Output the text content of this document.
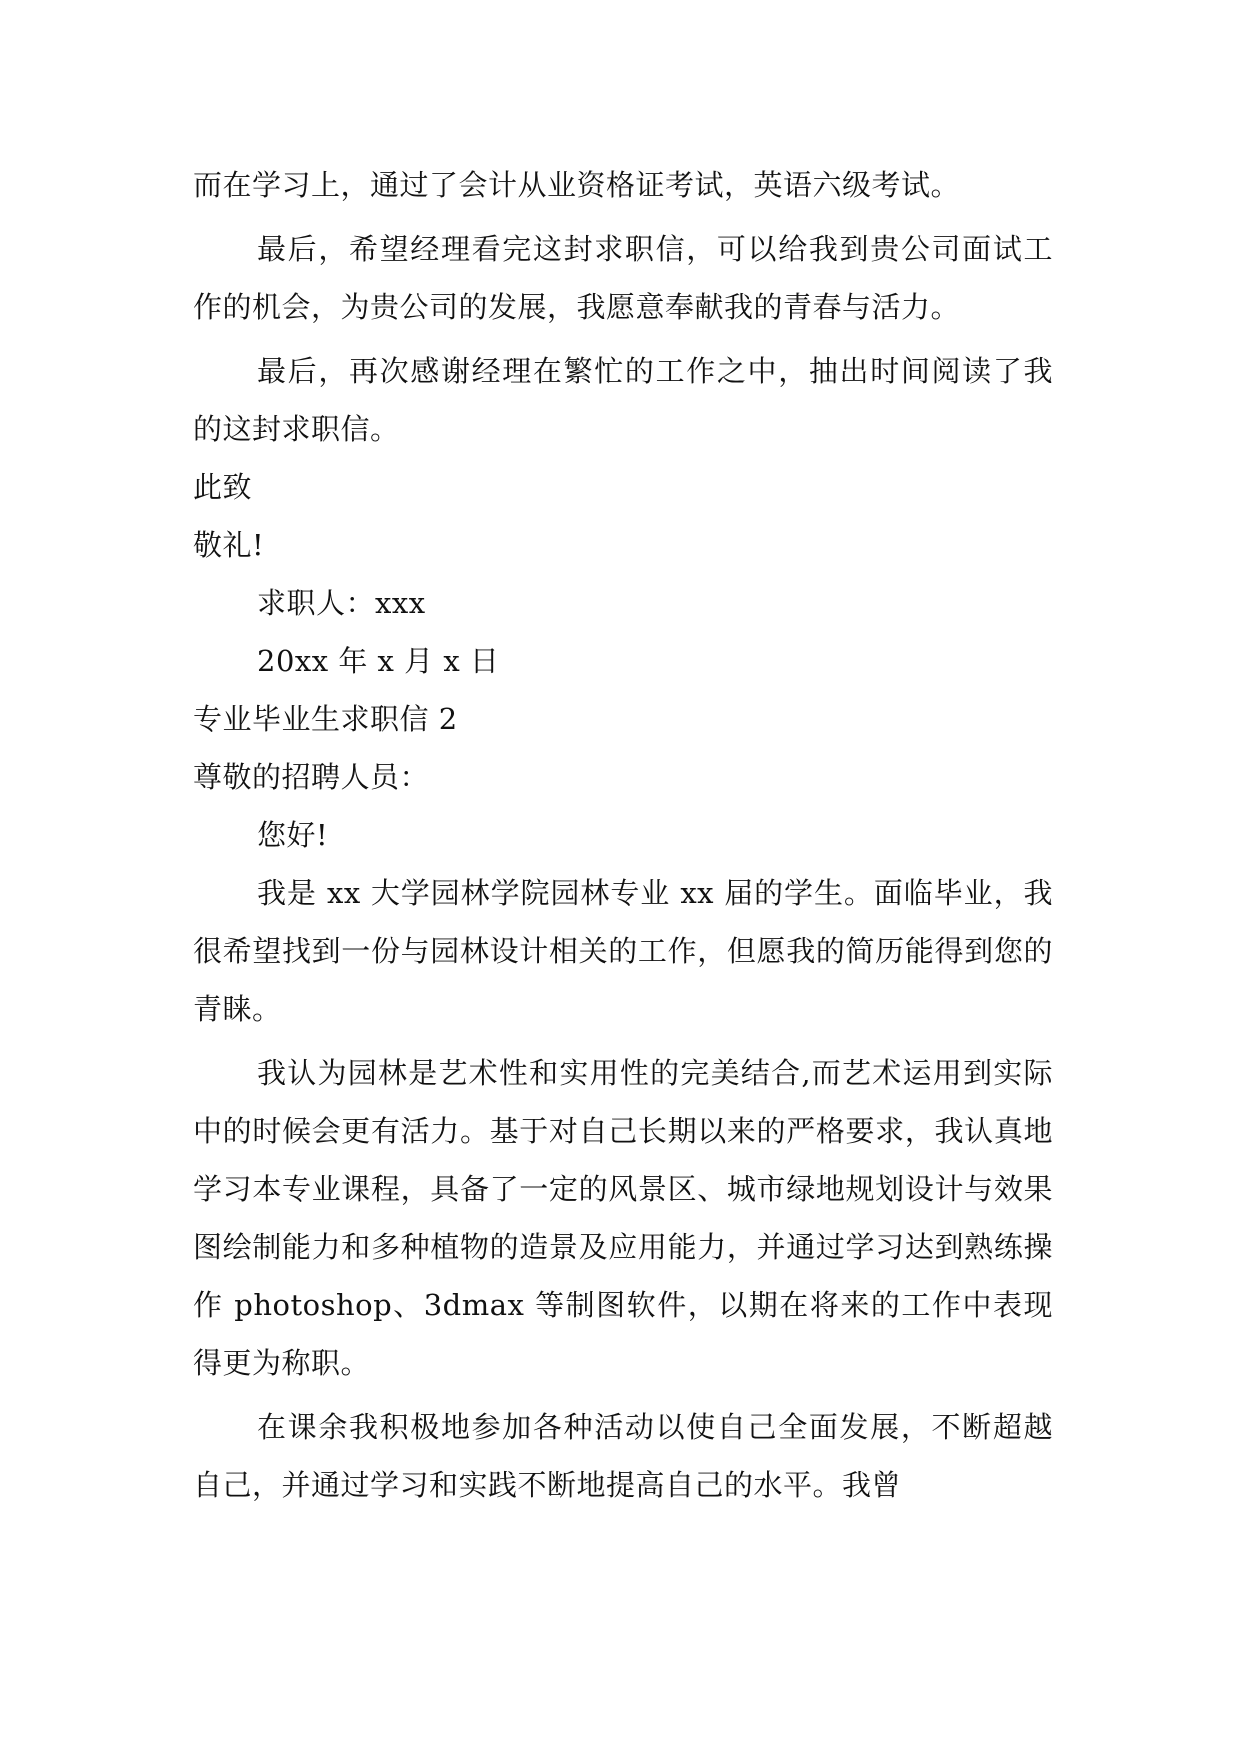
而在学习上，通过了会计从业资格证考试，英语六级考试。

最后，希望经理看完这封求职信，可以给我到贵公司面试工作的机会，为贵公司的发展，我愿意奉献我的青春与活力。

最后，再次感谢经理在繁忙的工作之中，抽出时间阅读了我的这封求职信。

此致

敬礼!

求职人：xxx

20xx 年 x 月 x 日

专业毕业生求职信 2

尊敬的招聘人员：

您好!

我是 xx 大学园林学院园林专业 xx 届的学生。面临毕业，我很希望找到一份与园林设计相关的工作，但愿我的简历能得到您的青睐。

我认为园林是艺术性和实用性的完美结合,而艺术运用到实际中的时候会更有活力。基于对自己长期以来的严格要求，我认真地学习本专业课程，具备了一定的风景区、城市绿地规划设计与效果图绘制能力和多种植物的造景及应用能力，并通过学习达到熟练操作 photoshop、3dmax 等制图软件，以期在将来的工作中表现得更为称职。

在课余我积极地参加各种活动以使自己全面发展，不断超越自己，并通过学习和实践不断地提高自己的水平。我曾
